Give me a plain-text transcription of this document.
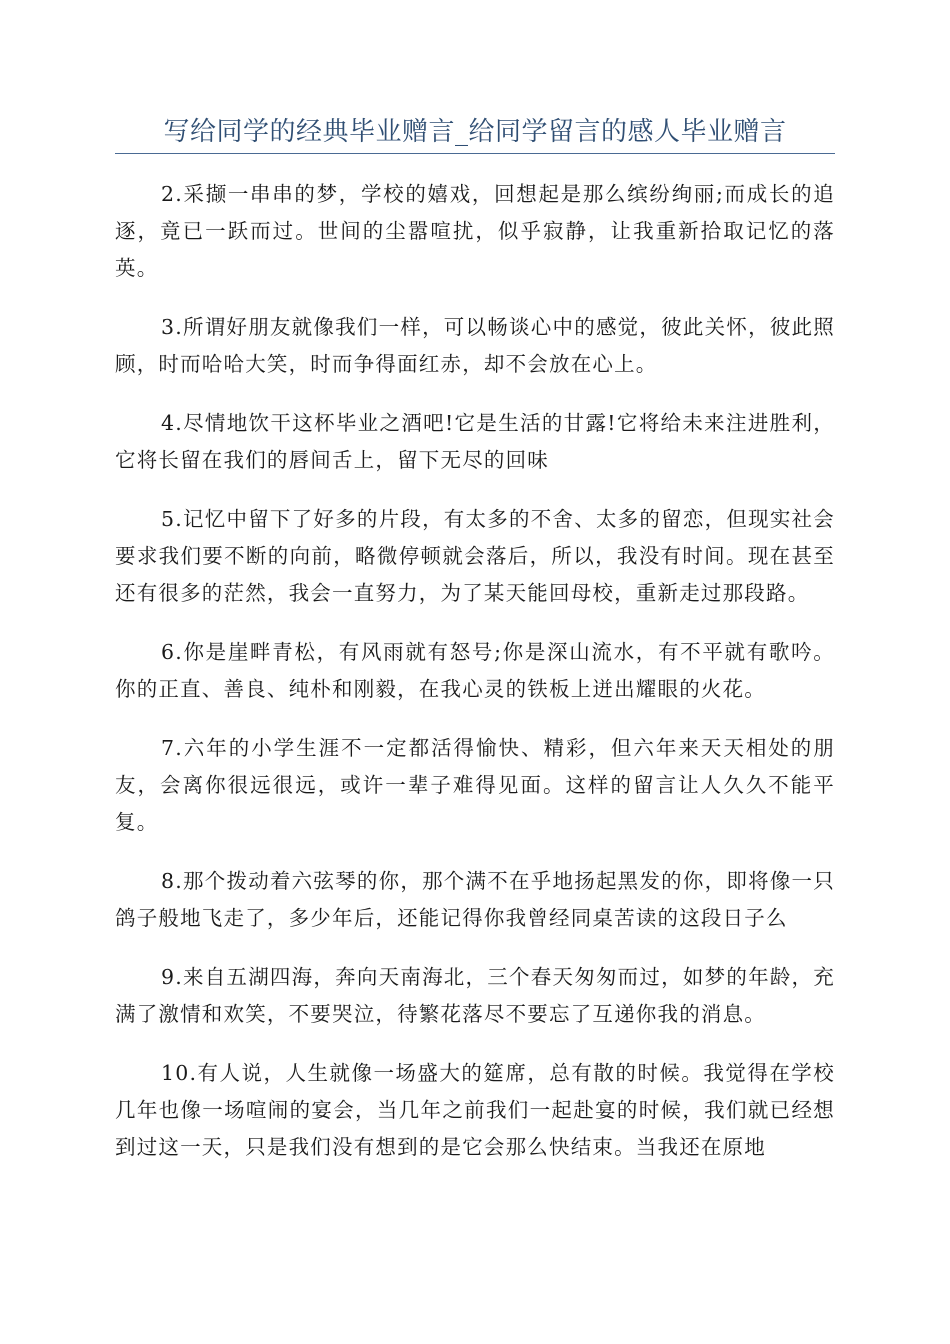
写给同学的经典毕业赠言_给同学留言的感人毕业赠言

2.采撷一串串的梦，学校的嬉戏，回想起是那么缤纷绚丽;而成长的追逐，竟已一跃而过。世间的尘嚣喧扰，似乎寂静，让我重新拾取记忆的落英。

3.所谓好朋友就像我们一样，可以畅谈心中的感觉，彼此关怀，彼此照顾，时而哈哈大笑，时而争得面红赤，却不会放在心上。

4.尽情地饮干这杯毕业之酒吧!它是生活的甘露!它将给未来注进胜利，它将长留在我们的唇间舌上，留下无尽的回味

5.记忆中留下了好多的片段，有太多的不舍、太多的留恋，但现实社会要求我们要不断的向前，略微停顿就会落后，所以，我没有时间。现在甚至还有很多的茫然，我会一直努力，为了某天能回母校，重新走过那段路。

6.你是崖畔青松，有风雨就有怒号;你是深山流水，有不平就有歌吟。你的正直、善良、纯朴和刚毅，在我心灵的铁板上迸出耀眼的火花。

7.六年的小学生涯不一定都活得愉快、精彩，但六年来天天相处的朋友，会离你很远很远，或许一辈子难得见面。这样的留言让人久久不能平复。

8.那个拨动着六弦琴的你，那个满不在乎地扬起黑发的你，即将像一只鸽子般地飞走了，多少年后，还能记得你我曾经同桌苦读的这段日子么

9.来自五湖四海，奔向天南海北，三个春天匆匆而过，如梦的年龄，充满了激情和欢笑，不要哭泣，待繁花落尽不要忘了互递你我的消息。

10.有人说，人生就像一场盛大的筵席，总有散的时候。我觉得在学校几年也像一场喧闹的宴会，当几年之前我们一起赴宴的时候，我们就已经想到过这一天，只是我们没有想到的是它会那么快结束。当我还在原地
